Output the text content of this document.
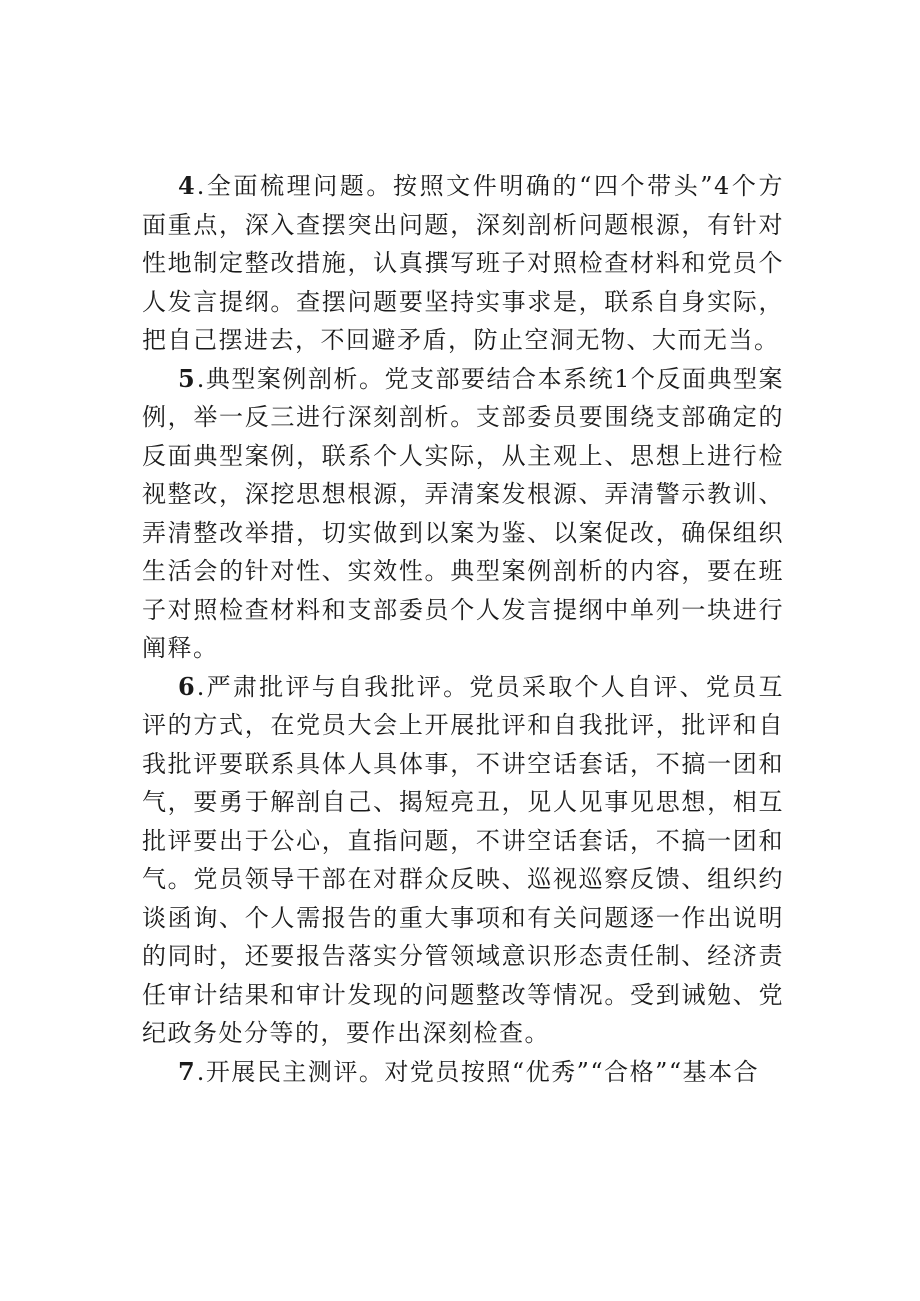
4.全面梳理问题。按照文件明确的“四个带头”4个方面重点，深入查摆突出问题，深刻剖析问题根源，有针对性地制定整改措施，认真撰写班子对照检查材料和党员个人发言提纲。查摆问题要坚持实事求是，联系自身实际，把自己摆进去，不回避矛盾，防止空洞无物、大而无当。

5.典型案例剖析。党支部要结合本系统1个反面典型案例，举一反三进行深刻剖析。支部委员要围绕支部确定的反面典型案例，联系个人实际，从主观上、思想上进行检视整改，深挖思想根源，弄清案发根源、弄清警示教训、弄清整改举措，切实做到以案为鉴、以案促改，确保组织生活会的针对性、实效性。典型案例剖析的内容，要在班子对照检查材料和支部委员个人发言提纲中单列一块进行阐释。

6.严肃批评与自我批评。党员采取个人自评、党员互评的方式，在党员大会上开展批评和自我批评，批评和自我批评要联系具体人具体事，不讲空话套话，不搞一团和气，要勇于解剖自己、揭短亮丑，见人见事见思想，相互批评要出于公心，直指问题，不讲空话套话，不搞一团和气。党员领导干部在对群众反映、巡视巡察反馈、组织约谈函询、个人需报告的重大事项和有关问题逐一作出说明的同时，还要报告落实分管领域意识形态责任制、经济责任审计结果和审计发现的问题整改等情况。受到诫勉、党纪政务处分等的，要作出深刻检查。

7.开展民主测评。对党员按照“优秀”“合格”“基本合
